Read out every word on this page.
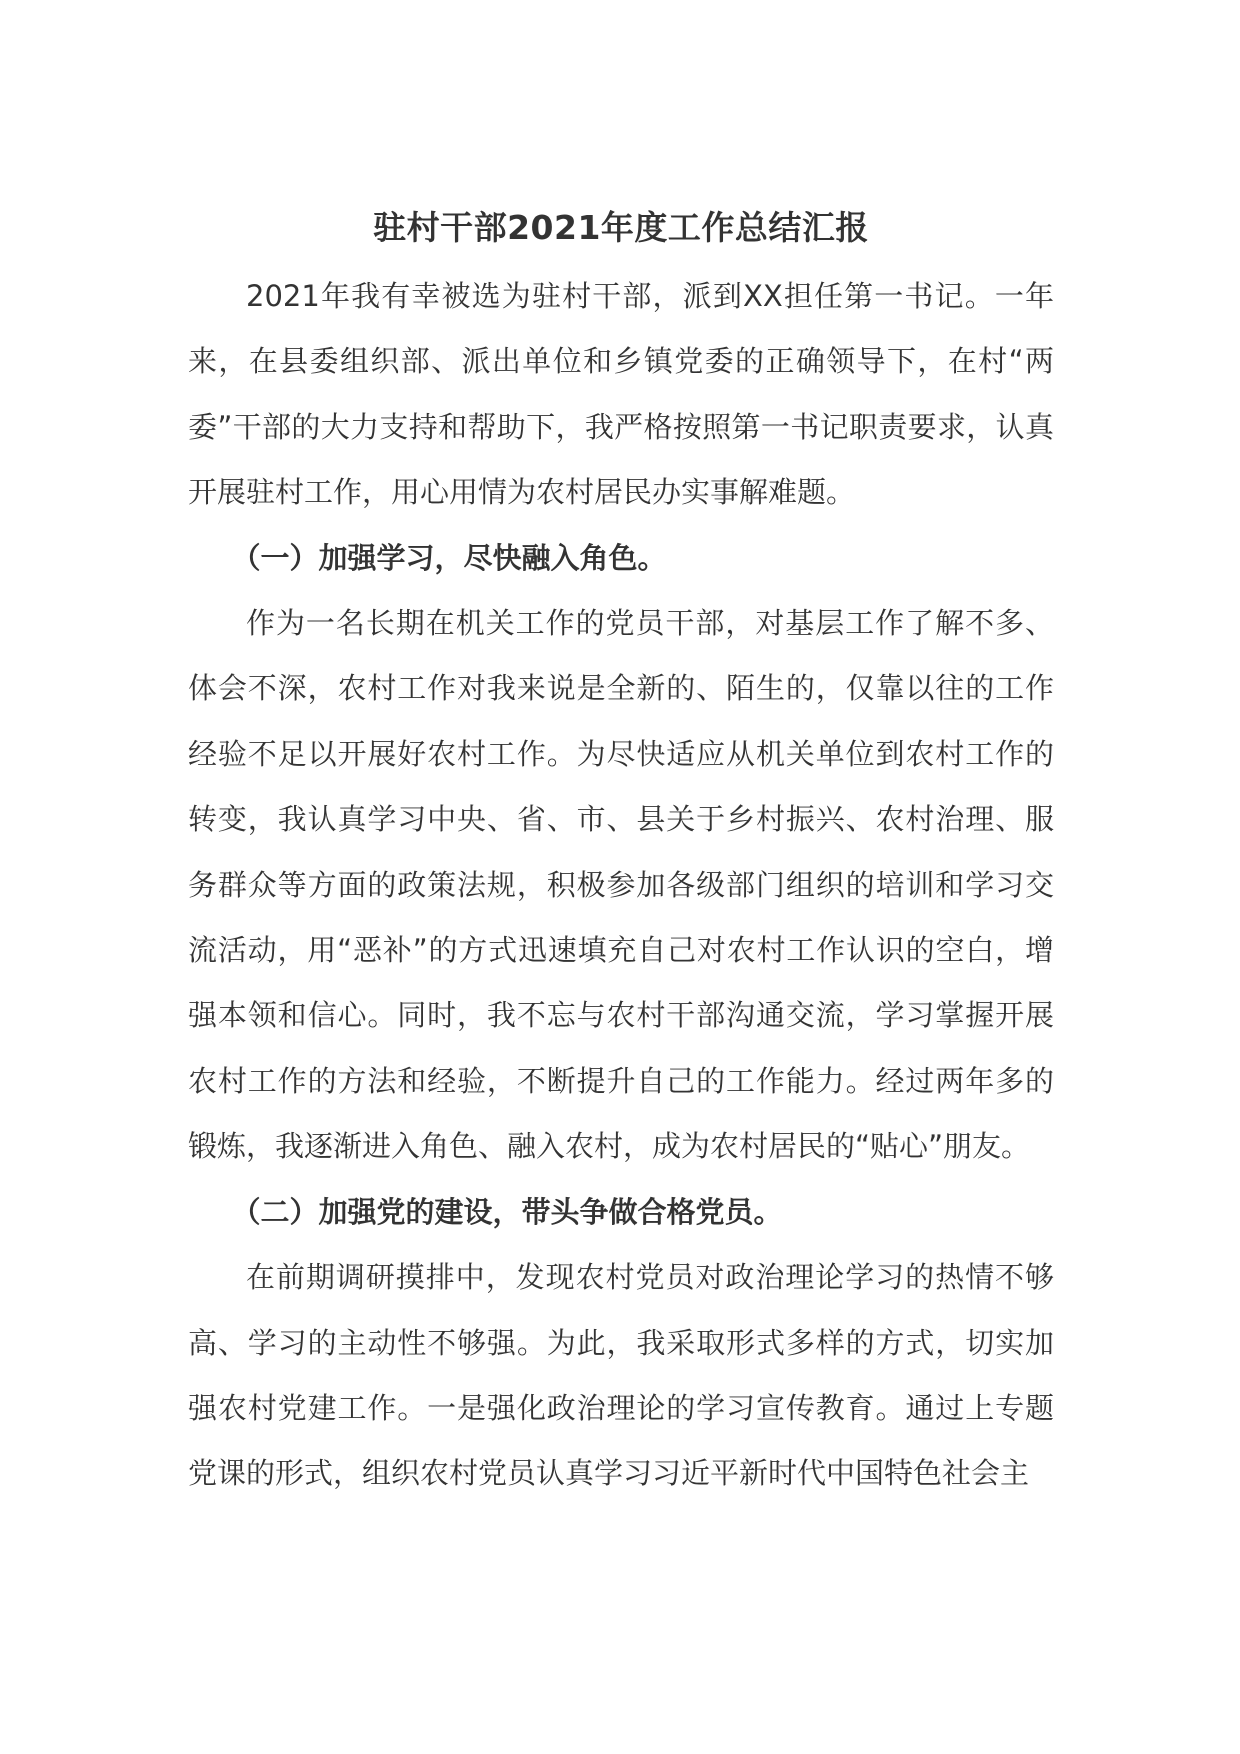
驻村干部2021年度工作总结汇报

2021年我有幸被选为驻村干部，派到XX担任第一书记。一年来，在县委组织部、派出单位和乡镇党委的正确领导下，在村“两委”干部的大力支持和帮助下，我严格按照第一书记职责要求，认真开展驻村工作，用心用情为农村居民办实事解难题。

（一）加强学习，尽快融入角色。

作为一名长期在机关工作的党员干部，对基层工作了解不多、体会不深，农村工作对我来说是全新的、陌生的，仅靠以往的工作经验不足以开展好农村工作。为尽快适应从机关单位到农村工作的转变，我认真学习中央、省、市、县关于乡村振兴、农村治理、服务群众等方面的政策法规，积极参加各级部门组织的培训和学习交流活动，用“恶补”的方式迅速填充自己对农村工作认识的空白，增强本领和信心。同时，我不忘与农村干部沟通交流，学习掌握开展农村工作的方法和经验，不断提升自己的工作能力。经过两年多的锻炼，我逐渐进入角色、融入农村，成为农村居民的“贴心”朋友。

（二）加强党的建设，带头争做合格党员。

在前期调研摸排中，发现农村党员对政治理论学习的热情不够高、学习的主动性不够强。为此，我采取形式多样的方式，切实加强农村党建工作。一是强化政治理论的学习宣传教育。通过上专题党课的形式，组织农村党员认真学习习近平新时代中国特色社会主
